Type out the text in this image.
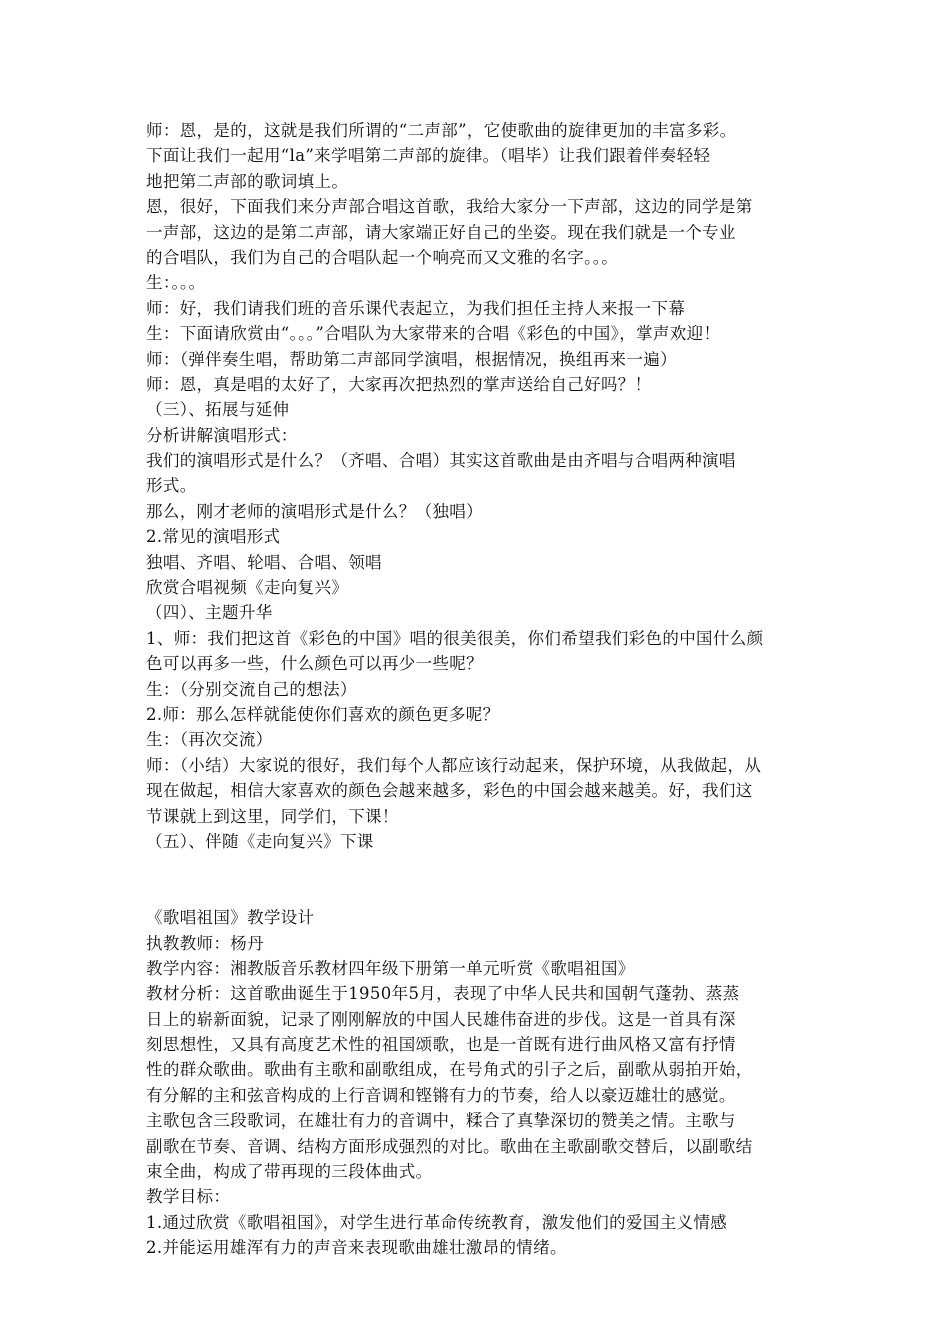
师：恩，是的，这就是我们所谓的“二声部”，它使歌曲的旋律更加的丰富多彩。
下面让我们一起用“la”来学唱第二声部的旋律。（唱毕）让我们跟着伴奏轻轻
地把第二声部的歌词填上。
恩，很好，下面我们来分声部合唱这首歌，我给大家分一下声部，这边的同学是第
一声部，这边的是第二声部，请大家端正好自己的坐姿。现在我们就是一个专业
的合唱队，我们为自己的合唱队起一个响亮而又文雅的名字。。。
生：。。。
师：好，我们请我们班的音乐课代表起立，为我们担任主持人来报一下幕
生：下面请欣赏由“。。。”合唱队为大家带来的合唱《彩色的中国》，掌声欢迎！
师：（弹伴奏生唱，帮助第二声部同学演唱，根据情况，换组再来一遍）
师：恩，真是唱的太好了，大家再次把热烈的掌声送给自己好吗？！
（三）、拓展与延伸
分析讲解演唱形式：
我们的演唱形式是什么？（齐唱、合唱）其实这首歌曲是由齐唱与合唱两种演唱
形式。
那么，刚才老师的演唱形式是什么？（独唱）
2.常见的演唱形式
独唱、齐唱、轮唱、合唱、领唱
欣赏合唱视频《走向复兴》
（四）、主题升华
1、师：我们把这首《彩色的中国》唱的很美很美，你们希望我们彩色的中国什么颜
色可以再多一些，什么颜色可以再少一些呢？
生：（分别交流自己的想法）
2.师：那么怎样就能使你们喜欢的颜色更多呢？
生：（再次交流）
师：（小结）大家说的很好，我们每个人都应该行动起来，保护环境，从我做起，从
现在做起，相信大家喜欢的颜色会越来越多，彩色的中国会越来越美。好，我们这
节课就上到这里，同学们，下课！
（五）、伴随《走向复兴》下课
《歌唱祖国》教学设计
执教教师：杨丹
教学内容：湘教版音乐教材四年级下册第一单元听赏《歌唱祖国》
教材分析：这首歌曲诞生于1950年5月，表现了中华人民共和国朝气蓬勃、蒸蒸
日上的崭新面貌，记录了刚刚解放的中国人民雄伟奋进的步伐。这是一首具有深
刻思想性，又具有高度艺术性的祖国颂歌，也是一首既有进行曲风格又富有抒情
性的群众歌曲。歌曲有主歌和副歌组成，在号角式的引子之后，副歌从弱拍开始，
有分解的主和弦音构成的上行音调和铿锵有力的节奏，给人以豪迈雄壮的感觉。
主歌包含三段歌词，在雄壮有力的音调中，糅合了真挚深切的赞美之情。主歌与
副歌在节奏、音调、结构方面形成强烈的对比。歌曲在主歌副歌交替后，以副歌结
束全曲，构成了带再现的三段体曲式。
教学目标：
1.通过欣赏《歌唱祖国》，对学生进行革命传统教育，激发他们的爱国主义情感
2.并能运用雄浑有力的声音来表现歌曲雄壮激昂的情绪。
